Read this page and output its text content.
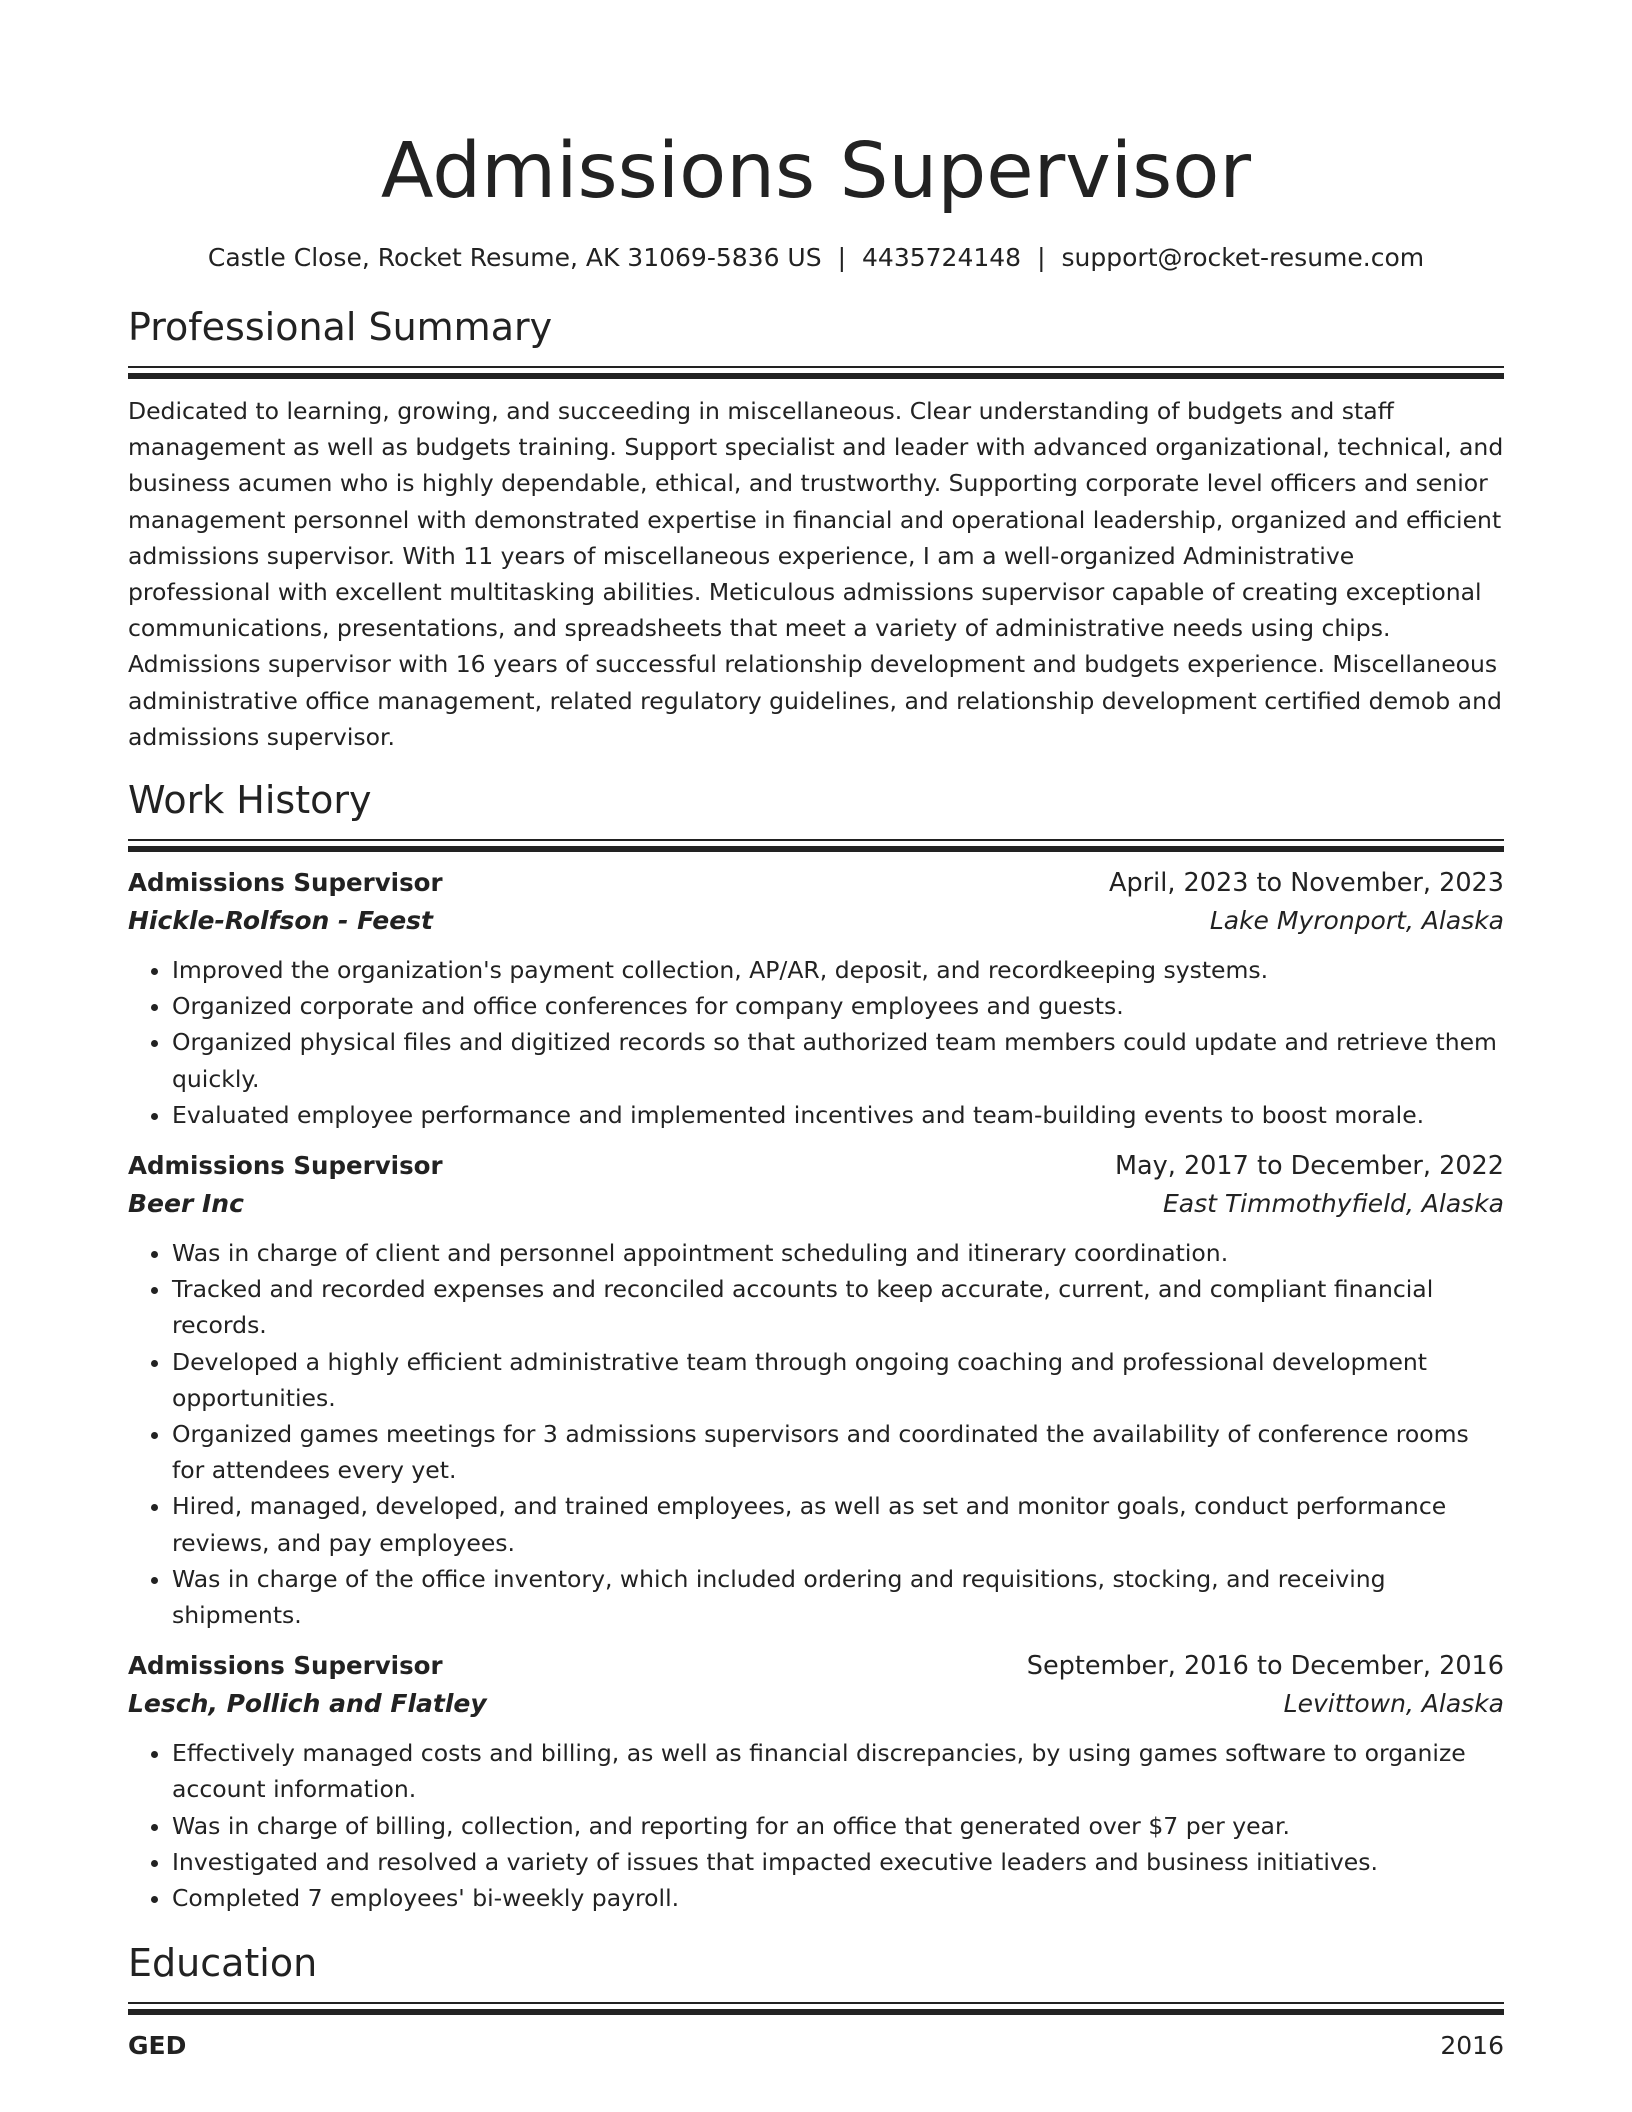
Admissions Supervisor
Castle Close, Rocket Resume, AK 31069-5836 US | 4435724148 | support@rocket-resume.com
Professional Summary
Dedicated to learning, growing, and succeeding in miscellaneous. Clear understanding of budgets and staff management as well as budgets training. Support specialist and leader with advanced organizational, technical, and business acumen who is highly dependable, ethical, and trustworthy. Supporting corporate level officers and senior management personnel with demonstrated expertise in financial and operational leadership, organized and efficient admissions supervisor. With 11 years of miscellaneous experience, I am a well-organized Administrative professional with excellent multitasking abilities. Meticulous admissions supervisor capable of creating exceptional communications, presentations, and spreadsheets that meet a variety of administrative needs using chips. Admissions supervisor with 16 years of successful relationship development and budgets experience. Miscellaneous administrative office management, related regulatory guidelines, and relationship development certified demob and admissions supervisor.
Work History
Admissions Supervisor	April, 2023 to November, 2023
Hickle-Rolfson - Feest	Lake Myronport, Alaska
• Improved the organization's payment collection, AP/AR, deposit, and recordkeeping systems.
• Organized corporate and office conferences for company employees and guests.
• Organized physical files and digitized records so that authorized team members could update and retrieve them quickly.
• Evaluated employee performance and implemented incentives and team-building events to boost morale.
Admissions Supervisor	May, 2017 to December, 2022
Beer Inc	East Timmothyfield, Alaska
• Was in charge of client and personnel appointment scheduling and itinerary coordination.
• Tracked and recorded expenses and reconciled accounts to keep accurate, current, and compliant financial records.
• Developed a highly efficient administrative team through ongoing coaching and professional development opportunities.
• Organized games meetings for 3 admissions supervisors and coordinated the availability of conference rooms for attendees every yet.
• Hired, managed, developed, and trained employees, as well as set and monitor goals, conduct performance reviews, and pay employees.
• Was in charge of the office inventory, which included ordering and requisitions, stocking, and receiving shipments.
Admissions Supervisor	September, 2016 to December, 2016
Lesch, Pollich and Flatley	Levittown, Alaska
• Effectively managed costs and billing, as well as financial discrepancies, by using games software to organize account information.
• Was in charge of billing, collection, and reporting for an office that generated over $7 per year.
• Investigated and resolved a variety of issues that impacted executive leaders and business initiatives.
• Completed 7 employees' bi-weekly payroll.
Education
GED	2016
